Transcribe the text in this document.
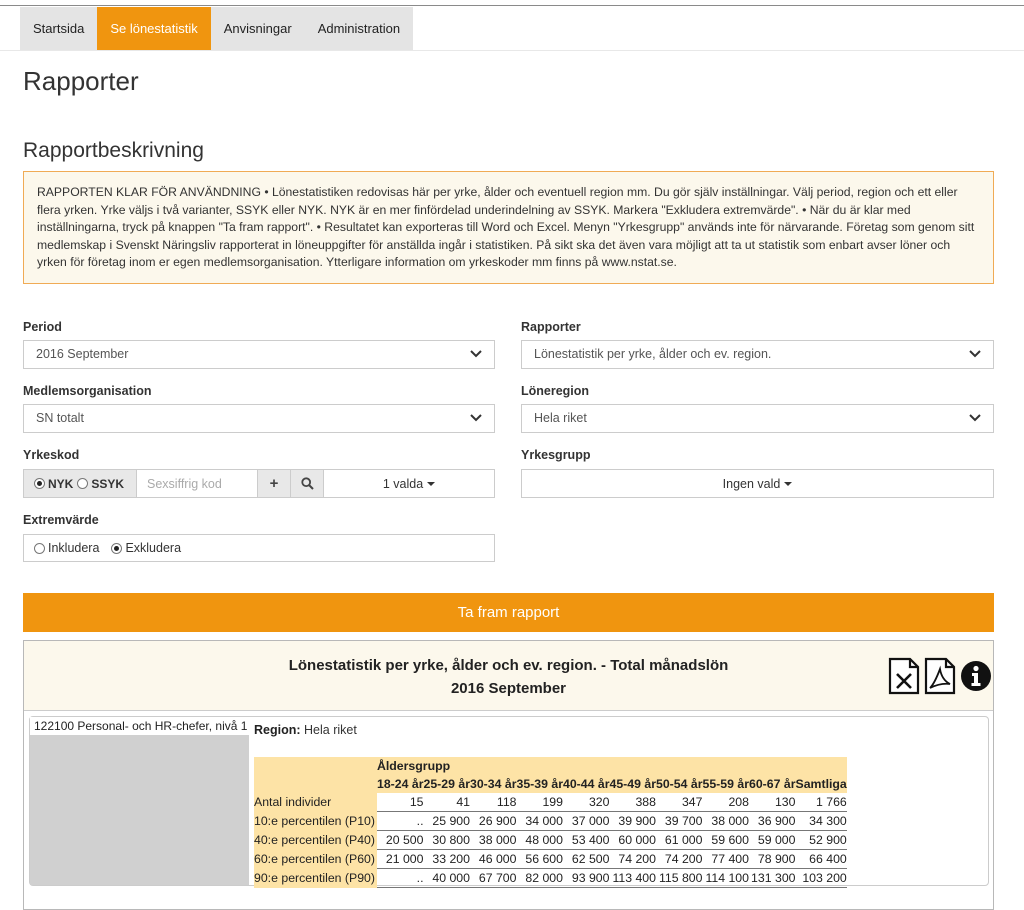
Startsida	Se lönestatistik	Anvisningar	Administration
Rapporter
Rapportbeskrivning
RAPPORTEN KLAR FÖR ANVÄNDNING • Lönestatistiken redovisas här per yrke, ålder och eventuell region mm. Du gör själv inställningar. Välj period, region och ett eller flera yrken. Yrke väljs i två varianter, SSYK eller NYK. NYK är en mer finfördelad underindelning av SSYK. Markera "Exkludera extremvärde". • När du är klar med inställningarna, tryck på knappen "Ta fram rapport". • Resultatet kan exporteras till Word och Excel. Menyn "Yrkesgrupp" används inte för närvarande. Företag som genom sitt medlemskap i Svenskt Näringsliv rapporterat in löneuppgifter för anställda ingår i statistiken. På sikt ska det även vara möjligt att ta ut statistik som enbart avser löner och yrken för företag inom er egen medlemsorganisation. Ytterligare information om yrkeskoder mm finns på www.nstat.se.
Period
2016 September
Rapporter
Lönestatistik per yrke, ålder och ev. region.
Medlemsorganisation
SN totalt
Löneregion
Hela riket
Yrkeskod
NYK	SSYK
Sexsiffrig kod	+	1 valda
Yrkesgrupp
Ingen vald
Extremvärde
Inkludera Exkludera
Ta fram rapport
Lönestatistik per yrke, ålder och ev. region. - Total månadslön
2016 September
122100 Personal- och HR-chefer, nivå 1 Region: Hela riket
	Åldersgrupp									
	18-24 år	25-29 år	30-34 år	35-39 år	40-44 år	45-49 år	50-54 år	55-59 år	60-67 år	Samtliga
Antal individer	15	41	118	199	320	388	347	208	130	1 766
10:e percentilen (P10)	..	25 900	26 900	34 000	37 000	39 900	39 700	38 000	36 900	34 300
40:e percentilen (P40)	20 500	30 800	38 000	48 000	53 400	60 000	61 000	59 600	59 000	52 900
60:e percentilen (P60)	21 000	33 200	46 000	56 600	62 500	74 200	74 200	77 400	78 900	66 400
90:e percentilen (P90)	..	40 000	67 700	82 000	93 900	113 400	115 800	114 100	131 300	103 200
